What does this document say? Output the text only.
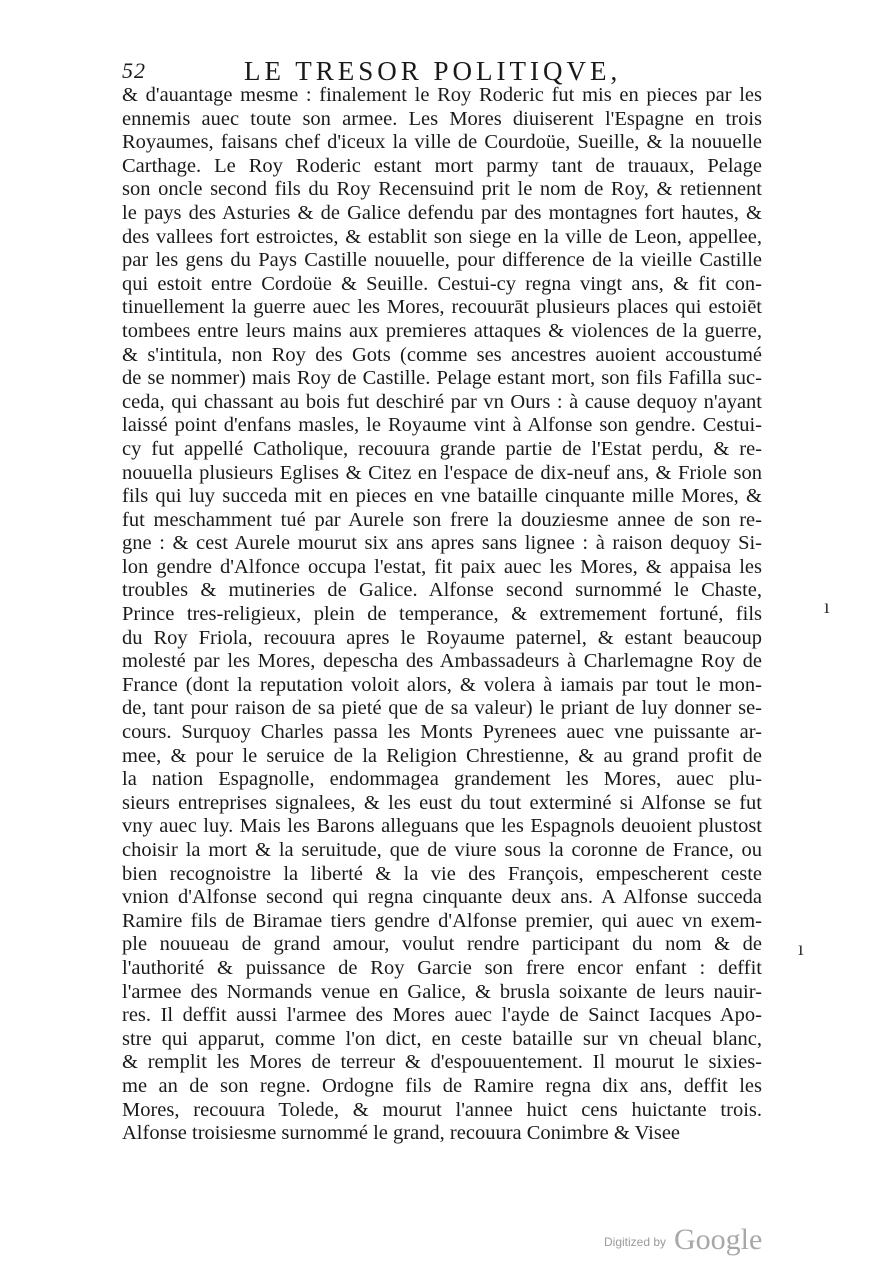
52	LE TRESOR POLITIQVE,
& d'auantage mesme : finalement le Roy Roderic fut mis en pieces par les
ennemis auec toute son armee. Les Mores diuiserent l'Espagne en trois
Royaumes, faisans chef d'iceux la ville de Courdoüe, Sueille, & la nouuelle
Carthage. Le Roy Roderic estant mort parmy tant de trauaux, Pelage
son oncle second fils du Roy Recensuind prit le nom de Roy, & retiennent
le pays des Asturies & de Galice defendu par des montagnes fort hautes, &
des vallees fort estroictes, & establit son siege en la ville de Leon, appellee,
par les gens du Pays Castille nouuelle, pour difference de la vieille Castille
qui estoit entre Cordoüe & Seuille. Cestui-cy regna vingt ans, & fit con-
tinuellement la guerre auec les Mores, recouurāt plusieurs places qui estoiēt
tombees entre leurs mains aux premieres attaques & violences de la guerre,
& s'intitula, non Roy des Gots (comme ses ancestres auoient accoustumé
de se nommer) mais Roy de Castille. Pelage estant mort, son fils Fafilla suc-
ceda, qui chassant au bois fut deschiré par vn Ours : à cause dequoy n'ayant
laissé point d'enfans masles, le Royaume vint à Alfonse son gendre. Cestui-
cy fut appellé Catholique, recouura grande partie de l'Estat perdu, & re-
nouuella plusieurs Eglises & Citez en l'espace de dix-neuf ans, & Friole son
fils qui luy succeda mit en pieces en vne bataille cinquante mille Mores, &
fut meschamment tué par Aurele son frere la douziesme annee de son re-
gne : & cest Aurele mourut six ans apres sans lignee : à raison dequoy Si-
lon gendre d'Alfonce occupa l'estat, fit paix auec les Mores, & appaisa les
troubles & mutineries de Galice. Alfonse second surnommé le Chaste,
Prince tres-religieux, plein de temperance, & extremement fortuné, fils
du Roy Friola, recouura apres le Royaume paternel, & estant beaucoup
molesté par les Mores, depescha des Ambassadeurs à Charlemagne Roy de
France (dont la reputation voloit alors, & volera à iamais par tout le mon-
de, tant pour raison de sa pieté que de sa valeur) le priant de luy donner se-
cours. Surquoy Charles passa les Monts Pyrenees auec vne puissante ar-
mee, & pour le seruice de la Religion Chrestienne, & au grand profit de
la nation Espagnolle, endommagea grandement les Mores, auec plu-
sieurs entreprises signalees, & les eust du tout exterminé si Alfonse se fut
vny auec luy. Mais les Barons alleguans que les Espagnols deuoient plustost
choisir la mort & la seruitude, que de viure sous la coronne de France, ou
bien recognoistre la liberté & la vie des François, empescherent ceste
vnion d'Alfonse second qui regna cinquante deux ans. A Alfonse succeda
Ramire fils de Biramae tiers gendre d'Alfonse premier, qui auec vn exem-
ple nouueau de grand amour, voulut rendre participant du nom & de
l'authorité & puissance de Roy Garcie son frere encor enfant : deffit
l'armee des Normands venue en Galice, & brusla soixante de leurs nauir-
res. Il deffit aussi l'armee des Mores auec l'ayde de Sainct Iacques Apo-
stre qui apparut, comme l'on dict, en ceste bataille sur vn cheual blanc,
& remplit les Mores de terreur & d'espouuentement. Il mourut le sixies-
me an de son regne. Ordogne fils de Ramire regna dix ans, deffit les
Mores, recouura Tolede, & mourut l'annee huict cens huictante trois.
Alfonse troisiesme surnommé le grand, recouura Conimbre & Visee
ı
ı
Digitized by Google
